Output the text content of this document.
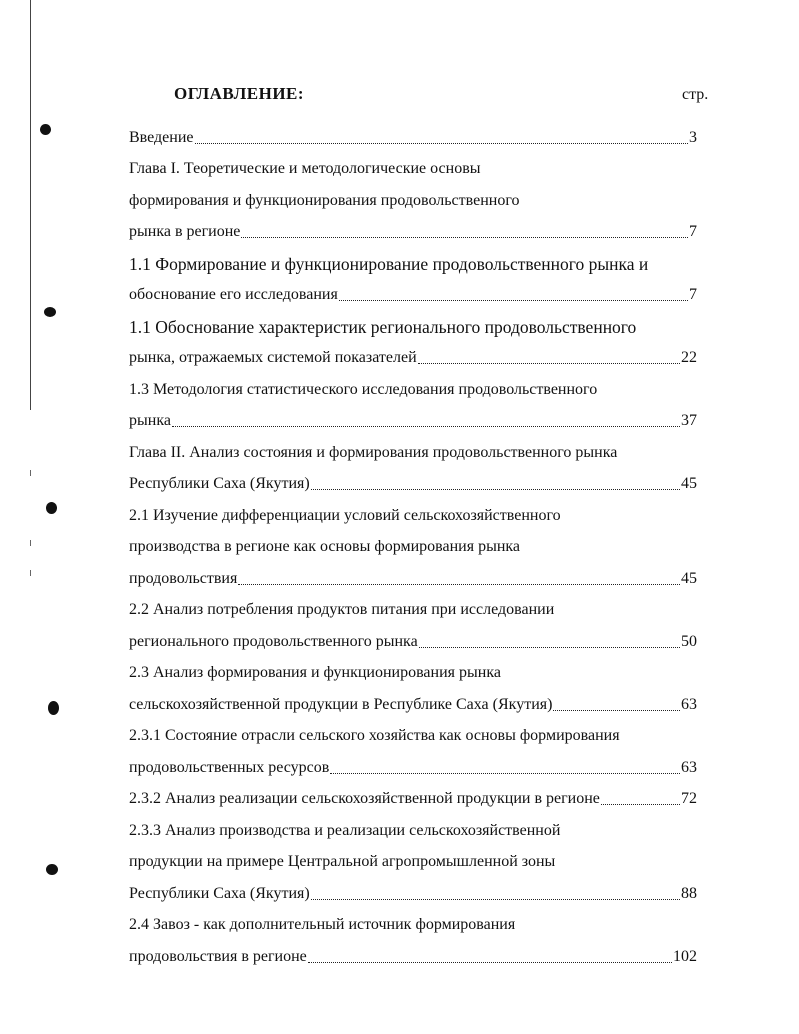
ОГЛАВЛЕНИЕ:	стр.
Введение	3
Глава I. Теоретические и методологические основы
формирования и функционирования продовольственного
рынка в регионе	7
1.1 Формирование и функционирование продовольственного рынка и
обоснование его исследования	7
1.1 Обоснование характеристик регионального продовольственного
рынка, отражаемых системой показателей	22
1.3 Методология статистического исследования продовольственного
рынка	37
Глава II. Анализ состояния и формирования продовольственного рынка
Республики Саха (Якутия)	45
2.1 Изучение дифференциации условий сельскохозяйственного
производства в регионе как основы формирования рынка
продовольствия	45
2.2 Анализ потребления продуктов питания при исследовании
регионального продовольственного рынка	50
2.3 Анализ формирования и функционирования рынка
сельскохозяйственной продукции в Республике Саха (Якутия)	63
2.3.1 Состояние отрасли сельского хозяйства как основы формирования
продовольственных ресурсов	63
2.3.2 Анализ реализации сельскохозяйственной продукции в регионе	72
2.3.3 Анализ производства и реализации сельскохозяйственной
продукции на примере Центральной агропромышленной зоны
Республики Саха (Якутия)	88
2.4 Завоз - как дополнительный источник формирования
продовольствия в регионе	102
